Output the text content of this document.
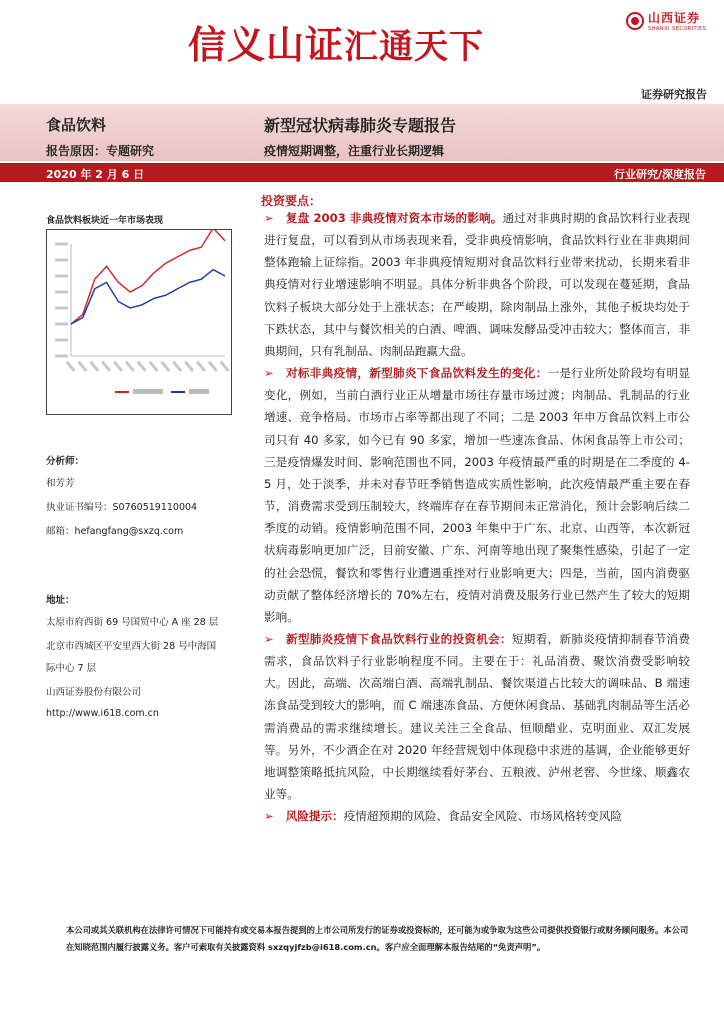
信义山证汇通天下
山西证券
SHANXI SECURITIES
证券研究报告
食品饮料	新型冠状病毒肺炎专题报告
报告原因：专题研究	疫情短期调整，注重行业长期逻辑
2020 年 2 月 6 日	行业研究/深度报告
食品饮料板块近一年市场表现
分析师：
和芳芳
执业证书编号：S0760519110004
邮箱：hefangfang@sxzq.com
地址：
太原市府西街 69 号国贸中心 A 座 28 层
北京市西城区平安里西大街 28 号中海国
际中心 7 层
山西证券股份有限公司
http://www.i618.com.cn
投资要点：

➢ 复盘 2003 非典疫情对资本市场的影响。通过对非典时期的食品饮料行业表现进行复盘，可以看到从市场表现来看，受非典疫情影响，食品饮料行业在非典期间整体跑输上证综指。2003 年非典疫情短期对食品饮料行业带来扰动，长期来看非典疫情对行业增速影响不明显。具体分析非典各个阶段，可以发现在蔓延期，食品饮料子板块大部分处于上涨状态；在严峻期，除肉制品上涨外，其他子板块均处于下跌状态，其中与餐饮相关的白酒、啤酒、调味发酵品受冲击较大；整体而言，非典期间，只有乳制品、肉制品跑赢大盘。

➢ 对标非典疫情，新型肺炎下食品饮料发生的变化：一是行业所处阶段均有明显变化，例如，当前白酒行业正从增量市场往存量市场过渡；肉制品、乳制品的行业增速、竞争格局、市场市占率等都出现了不同；二是 2003 年申万食品饮料上市公司只有 40 多家，如今已有 90 多家，增加一些速冻食品、休闲食品等上市公司；三是疫情爆发时间、影响范围也不同，2003 年疫情最严重的时期是在二季度的 4-5 月，处于淡季，并未对春节旺季销售造成实质性影响，此次疫情最严重主要在春节，消费需求受到压制较大，终端库存在春节期间未正常消化，预计会影响后续二季度的动销。疫情影响范围不同，2003 年集中于广东、北京、山西等，本次新冠状病毒影响更加广泛，目前安徽、广东、河南等地出现了聚集性感染，引起了一定的社会恐慌，餐饮和零售行业遭遇重挫对行业影响更大；四是，当前，国内消费驱动贡献了整体经济增长的 70%左右，疫情对消费及服务行业已然产生了较大的短期影响。

➢ 新型肺炎疫情下食品饮料行业的投资机会：短期看，新肺炎疫情抑制春节消费需求，食品饮料子行业影响程度不同。主要在于：礼品消费、聚饮消费受影响较大。因此，高端、次高端白酒、高端乳制品、餐饮渠道占比较大的调味品、B 端速冻食品受到较大的影响，而 C 端速冻食品、方便休闲食品、基础乳肉制品等生活必需消费品的需求继续增长。建议关注三全食品、恒顺醋业、克明面业、双汇发展等。另外，不少酒企在对 2020 年经营规划中体现稳中求进的基调，企业能够更好地调整策略抵抗风险，中长期继续看好茅台、五粮液、泸州老窖、今世缘、顺鑫农业等。

➢ 风险提示：疫情超预期的风险、食品安全风险、市场风格转变风险

本公司或其关联机构在法律许可情况下可能持有或交易本报告提到的上市公司所发行的证券或投资标的，还可能为或争取为这些公司提供投资银行或财务顾问服务。本公司在知晓范围内履行披露义务。客户可索取有关披露资料 sxzqyjfzb@i618.com.cn。客户应全面理解本报告结尾的“免责声明”。
